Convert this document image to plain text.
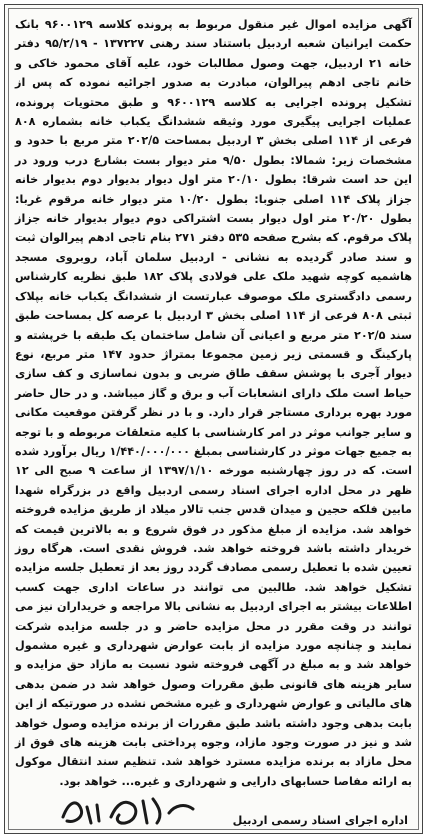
آگهی مزایده اموال غیر منقول مربوط به پرونده کلاسه ۹۶۰۰۱۲۹ بانک حکمت ایرانیان شعبه اردبیل باستناد سند رهنی ۱۳۷۲۲۷ - ۹۵/۲/۱۹ دفتر خانه ۲۱ اردبیل، جهت وصول مطالبات خود، علیه آقای محمود خاکی و خانم تاجی ادهم پیرالوان، مبادرت به صدور اجرائیه نموده که پس از تشکیل پرونده اجرایی به کلاسه ۹۶۰۰۱۲۹ و طبق محتویات پرونده، عملیات اجرایی پیگیری مورد وثیقه ششدانگ یکباب خانه بشماره ۸۰۸ فرعی از ۱۱۴ اصلی بخش ۳ اردبیل بمساحت ۲۰۲/۵ متر مربع با حدود و مشخصات زیر: شمالا: بطول ۹/۵۰ متر دیوار بست بشارع درب ورود در این حد است شرقا: بطول ۲۰/۱۰ متر اول دیوار بدیوار دوم بدیوار خانه جزاز پلاک ۱۱۴ اصلی جنوبا: بطول ۱۰/۲۰ متر دیوار خانه مرقوم غربا: بطول ۲۰/۲۰ متر اول دیوار بست اشتراکی دوم دیوار بدیوار خانه جزاز پلاک مرقوم. که بشرح صفحه ۵۳۵ دفتر ۲۷۱ بنام تاجی ادهم پیرالوان ثبت و سند صادر گردیده به نشانی - اردبیل سلمان آباد، روبروی مسجد هاشمیه کوچه شهید ملک علی فولادی پلاک ۱۸۲ طبق نظریه کارشناس رسمی دادگستری ملک موصوف عبارتست از ششدانگ یکباب خانه بپلاک ثبتی ۸۰۸ فرعی از ۱۱۴ اصلی بخش ۳ اردبیل با عرصه کل بمساحت طبق سند ۲۰۲/۵ متر مربع و اعیانی آن شامل ساختمان یک طبقه با خرپشته و پارکینگ و قسمتی زیر زمین مجموعا بمتراژ حدود ۱۴۷ متر مربع، نوع دیوار آجری با پوشش سقف طاق ضربی و بدون نماسازی و کف سازی حیاط است ملک دارای انشعابات آب و برق و گاز میباشد. و در حال حاضر مورد بهره برداری مستاجر قرار دارد. و با در نظر گرفتن موقعیت مکانی و سایر جوانب موثر در امر کارشناسی با کلیه متعلقات مربوطه و با توجه به جمیع جهات موثر در کارشناسی بمبلغ ۱/۴۴۰/۰۰۰/۰۰۰ ریال برآورد شده است. که در روز چهارشنبه مورخه ۱۳۹۷/۱/۱۰ از ساعت ۹ صبح الی ۱۲ ظهر در محل اداره اجرای اسناد رسمی اردبیل واقع در بزرگراه شهدا مابین فلکه حجین و میدان قدس جنب تالار میلاد از طریق مزایده فروخته خواهد شد. مزایده از مبلغ مذکور در فوق شروع و به بالاترین قیمت که خریدار داشته باشد فروخته خواهد شد. فروش نقدی است. هرگاه روز تعیین شده با تعطیل رسمی مصادف گردد روز بعد از تعطیل جلسه مزایده تشکیل خواهد شد. طالبین می توانند در ساعات اداری جهت کسب اطلاعات بیشتر به اجرای اردبیل به نشانی بالا مراجعه و خریداران نیز می توانند در وقت مقرر در محل مزایده حاضر و در جلسه مزایده شرکت نمایند و چنانچه مورد مزایده از بابت عوارض شهرداری و غیره مشمول خواهد شد و به مبلغ در آگهی فروخته شود نسبت به مازاد حق مزایده و سایر هزینه های قانونی طبق مقررات وصول خواهد شد در ضمن بدهی های مالیاتی و عوارض شهرداری و غیره مشخص نشده در صورتیکه از این بابت بدهی وجود داشته باشد طبق مقررات از برنده مزایده وصول خواهد شد و نیز در صورت وجود مازاد، وجوه پرداختی بابت هزینه های فوق از محل مازاد به برنده مزایده مسترد خواهد شد. تنظیم سند انتقال موکول به ارائه مفاصا حسابهای دارایی و شهرداری و غیره... خواهد بود.

اداره اجرای اسناد رسمی اردبیل
